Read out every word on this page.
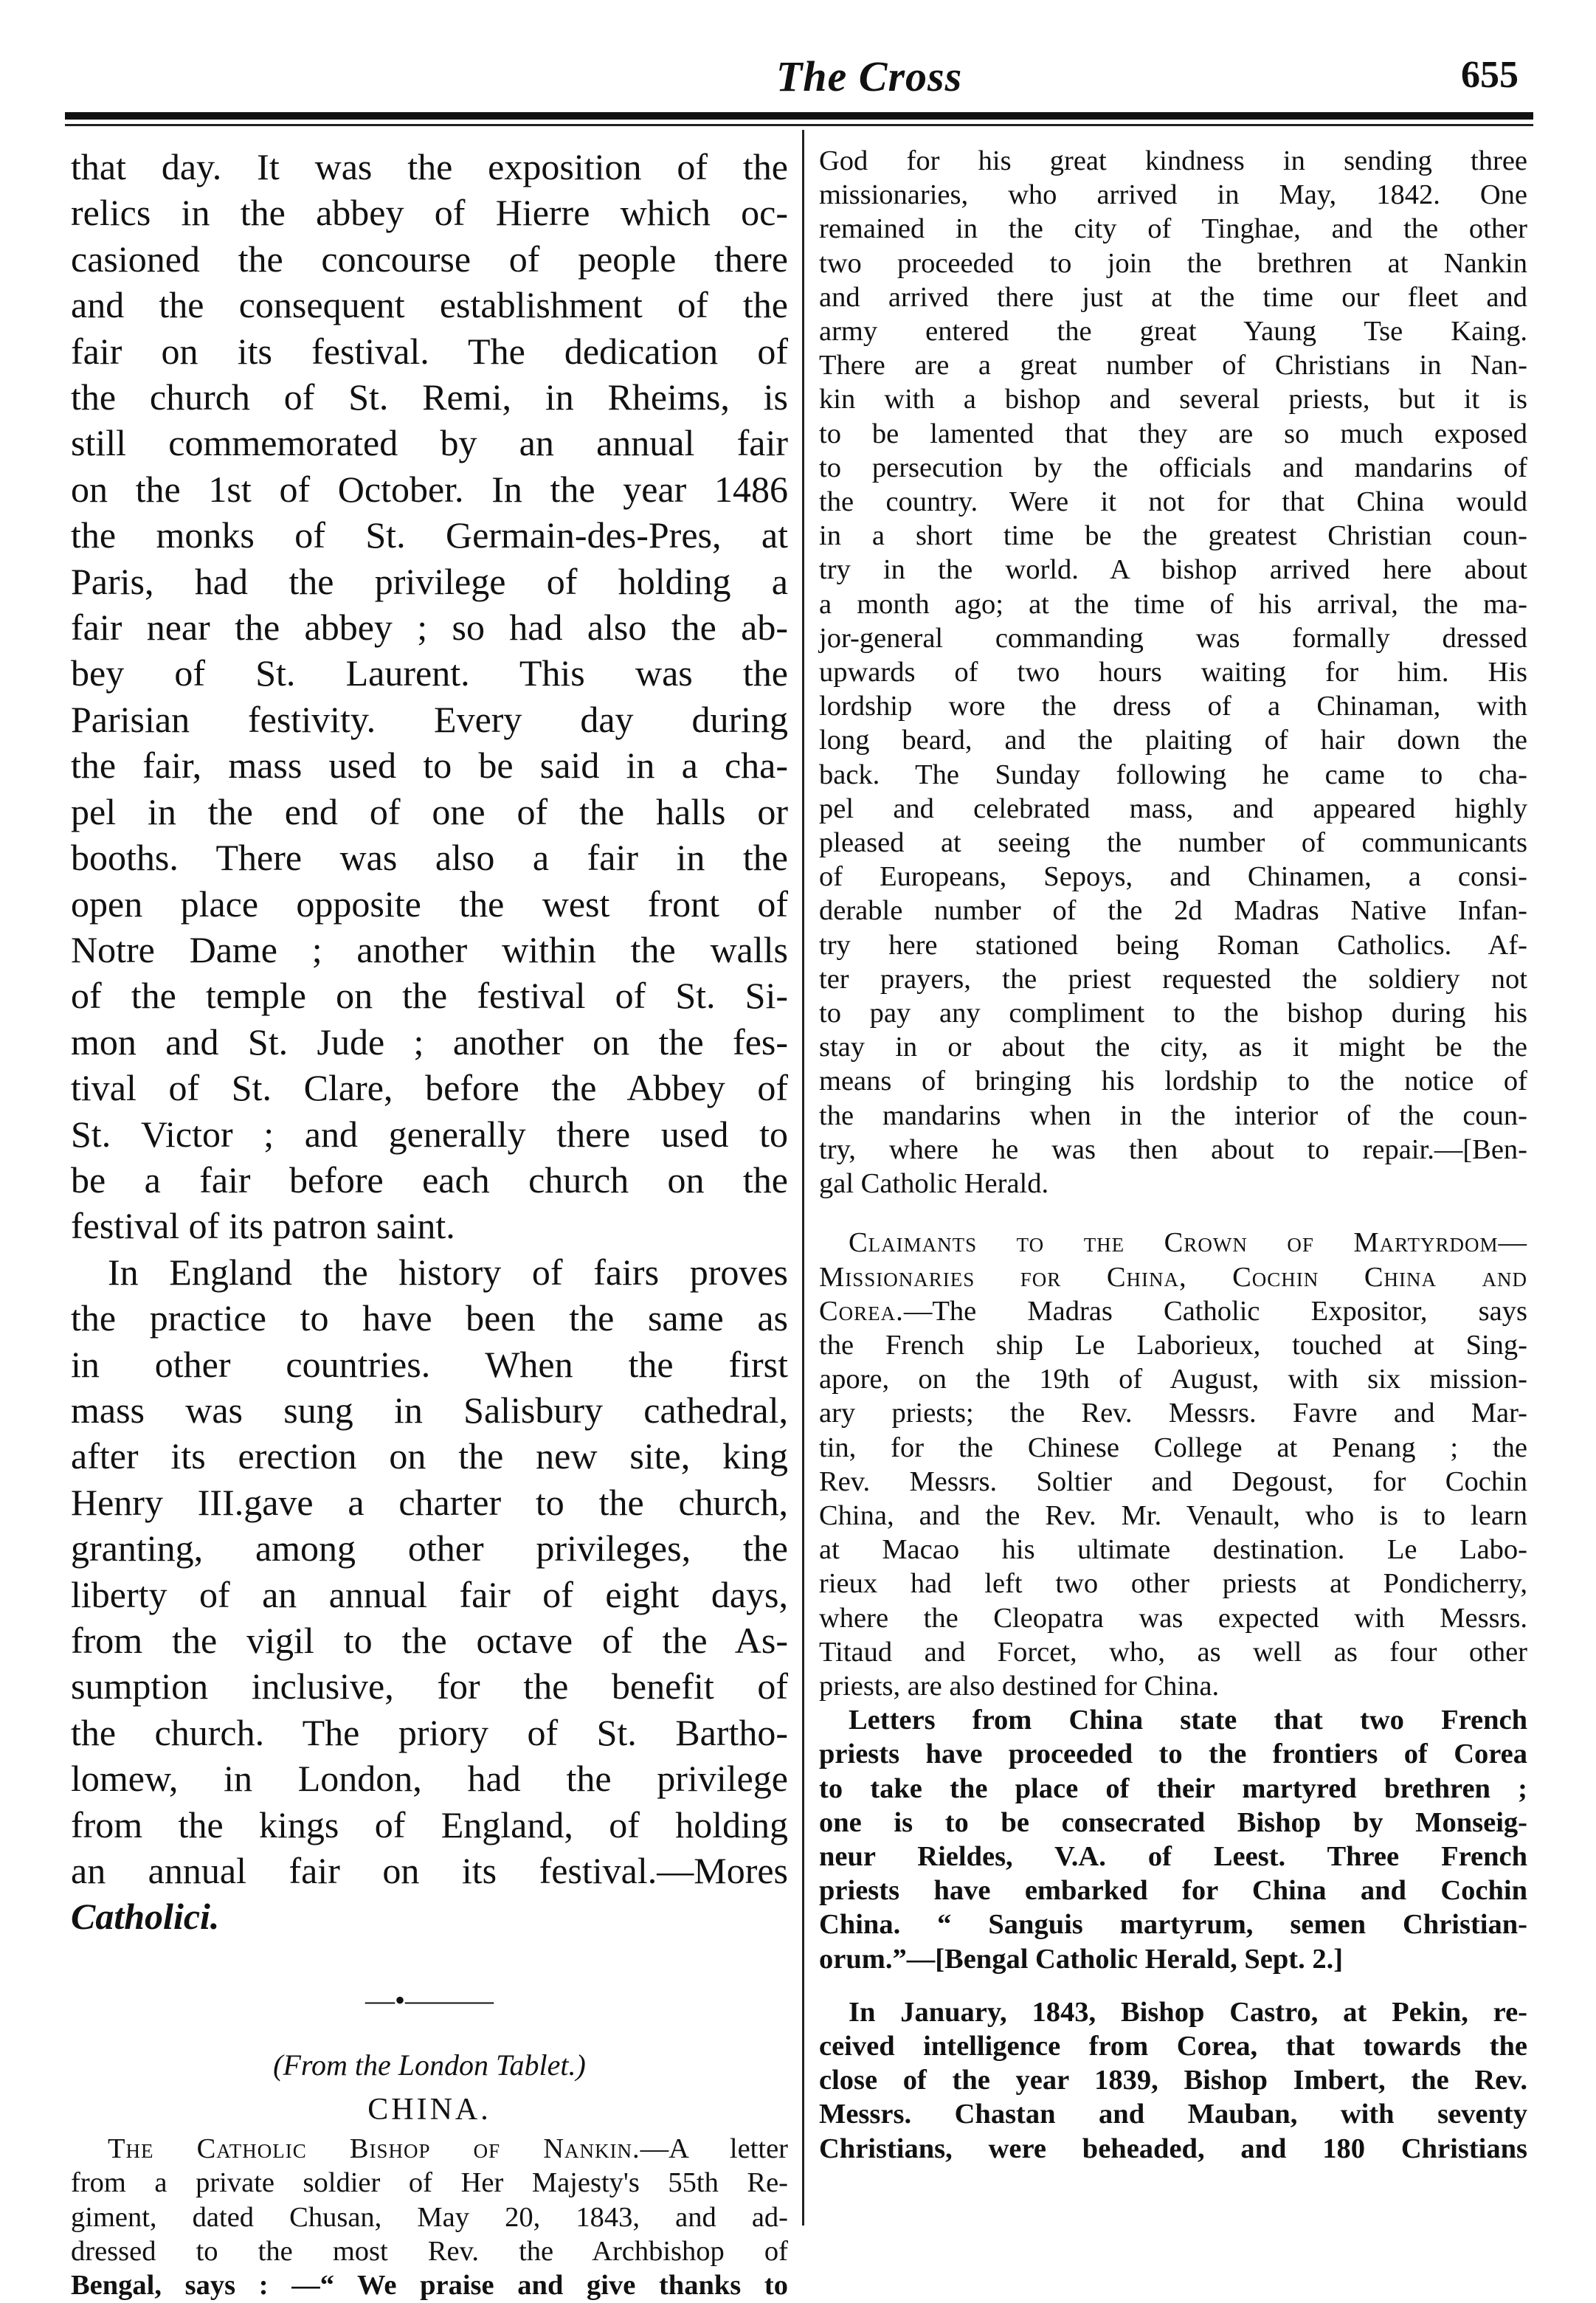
The Cross	655
that day. It was the exposition of the
relics in the abbey of Hierre which oc-
casioned the concourse of people there
and the consequent establishment of the
fair on its festival. The dedication of
the church of St. Remi, in Rheims, is
still commemorated by an annual fair
on the 1st of October. In the year 1486
the monks of St. Germain-des-Pres, at
Paris, had the privilege of holding a
fair near the abbey ; so had also the ab-
bey of St. Laurent. This was the
Parisian festivity. Every day during
the fair, mass used to be said in a cha-
pel in the end of one of the halls or
booths. There was also a fair in the
open place opposite the west front of
Notre Dame ; another within the walls
of the temple on the festival of St. Si-
mon and St. Jude ; another on the fes-
tival of St. Clare, before the Abbey of
St. Victor ; and generally there used to
be a fair before each church on the
festival of its patron saint.
In England the history of fairs proves
the practice to have been the same as
in other countries. When the first
mass was sung in Salisbury cathedral,
after its erection on the new site, king
Henry III.gave a charter to the church,
granting, among other privileges, the
liberty of an annual fair of eight days,
from the vigil to the octave of the As-
sumption inclusive, for the benefit of
the church. The priory of St. Bartho-
lomew, in London, had the privilege
from the kings of England, of holding
an annual fair on its festival.—Mores
Catholici.
—•———
(From the London Tablet.)
CHINA.
The Catholic Bishop of Nankin.—A letter
from a private soldier of Her Majesty's 55th Re-
giment, dated Chusan, May 20, 1843, and ad-
dressed to the most Rev. the Archbishop of
Bengal, says : —“ We praise and give thanks to
God for his great kindness in sending three
missionaries, who arrived in May, 1842. One
remained in the city of Tinghae, and the other
two proceeded to join the brethren at Nankin
and arrived there just at the time our fleet and
army entered the great Yaung Tse Kaing.
There are a great number of Christians in Nan-
kin with a bishop and several priests, but it is
to be lamented that they are so much exposed
to persecution by the officials and mandarins of
the country. Were it not for that China would
in a short time be the greatest Christian coun-
try in the world. A bishop arrived here about
a month ago; at the time of his arrival, the ma-
jor-general commanding was formally dressed
upwards of two hours waiting for him. His
lordship wore the dress of a Chinaman, with
long beard, and the plaiting of hair down the
back. The Sunday following he came to cha-
pel and celebrated mass, and appeared highly
pleased at seeing the number of communicants
of Europeans, Sepoys, and Chinamen, a consi-
derable number of the 2d Madras Native Infan-
try here stationed being Roman Catholics. Af-
ter prayers, the priest requested the soldiery not
to pay any compliment to the bishop during his
stay in or about the city, as it might be the
means of bringing his lordship to the notice of
the mandarins when in the interior of the coun-
try, where he was then about to repair.—[Ben-
gal Catholic Herald.
Claimants to the Crown of Martyrdom—
Missionaries for China, Cochin China and
Corea.—The Madras Catholic Expositor, says
the French ship Le Laborieux, touched at Sing-
apore, on the 19th of August, with six mission-
ary priests; the Rev. Messrs. Favre and Mar-
tin, for the Chinese College at Penang ; the
Rev. Messrs. Soltier and Degoust, for Cochin
China, and the Rev. Mr. Venault, who is to learn
at Macao his ultimate destination. Le Labo-
rieux had left two other priests at Pondicherry,
where the Cleopatra was expected with Messrs.
Titaud and Forcet, who, as well as four other
priests, are also destined for China.
Letters from China state that two French
priests have proceeded to the frontiers of Corea
to take the place of their martyred brethren ;
one is to be consecrated Bishop by Monseig-
neur Rieldes, V.A. of Leest. Three French
priests have embarked for China and Cochin
China. “ Sanguis martyrum, semen Christian-
orum.”—[Bengal Catholic Herald, Sept. 2.]
In January, 1843, Bishop Castro, at Pekin, re-
ceived intelligence from Corea, that towards the
close of the year 1839, Bishop Imbert, the Rev.
Messrs. Chastan and Mauban, with seventy
Christians, were beheaded, and 180 Christians
